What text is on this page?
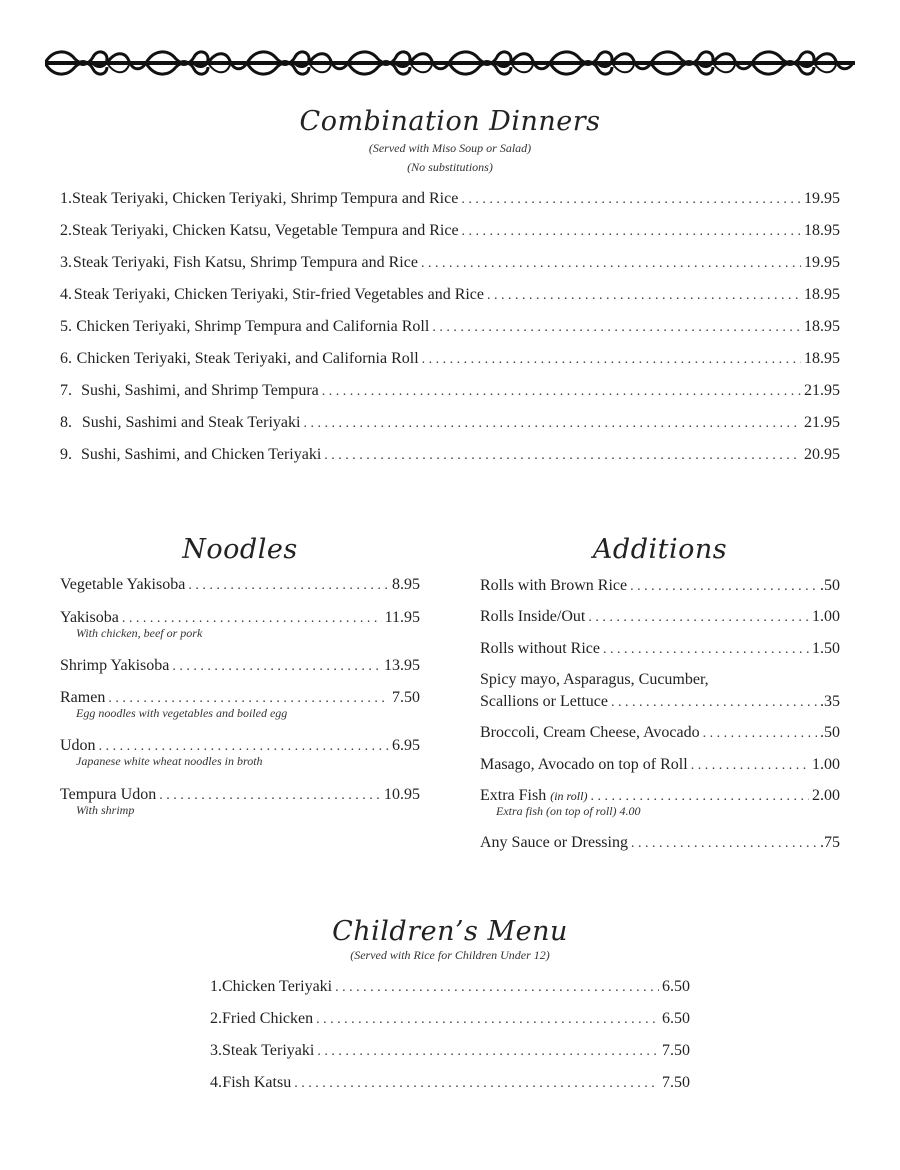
Combination Dinners
(Served with Miso Soup or Salad)
(No substitutions)
1. Steak Teriyaki, Chicken Teriyaki, Shrimp Tempura and Rice . . .	19.95
2. Steak Teriyaki, Chicken Katsu, Vegetable Tempura and Rice . . .	18.95
3. Steak Teriyaki, Fish Katsu, Shrimp Tempura and Rice . . .	19.95
4. Steak Teriyaki, Chicken Teriyaki, Stir-fried Vegetables and Rice . . .	18.95
5. Chicken Teriyaki, Shrimp Tempura and California Roll . . .	18.95
6. Chicken Teriyaki, Steak Teriyaki, and California Roll . . .	18.95
7. Sushi, Sashimi, and Shrimp Tempura . . .	21.95
8. Sushi, Sashimi and Steak Teriyaki . . .	21.95
9. Sushi, Sashimi, and Chicken Teriyaki . . .	20.95
Noodles
Vegetable Yakisoba . . .	8.95
Yakisoba . . .	11.95
With chicken, beef or pork
Shrimp Yakisoba . . .	13.95
Ramen . . .	7.50
Egg noodles with vegetables and boiled egg
Udon . . .	6.95
Japanese white wheat noodles in broth
Tempura Udon . . .	10.95
With shrimp
Additions
Rolls with Brown Rice . . .	.50
Rolls Inside/Out . . .	1.00
Rolls without Rice . . .	1.50
Spicy mayo, Asparagus, Cucumber,
Scallions or Lettuce . . .	.35
Broccoli, Cream Cheese, Avocado . . .	.50
Masago, Avocado on top of Roll . . .	1.00
Extra Fish (in roll) . . .	2.00
Extra fish (on top of roll) 4.00
Any Sauce or Dressing . . .	.75
Children’s Menu
(Served with Rice for Children Under 12)
1. Chicken Teriyaki . . .	6.50
2. Fried Chicken . . .	6.50
3. Steak Teriyaki . . .	7.50
4. Fish Katsu . . .	7.50
